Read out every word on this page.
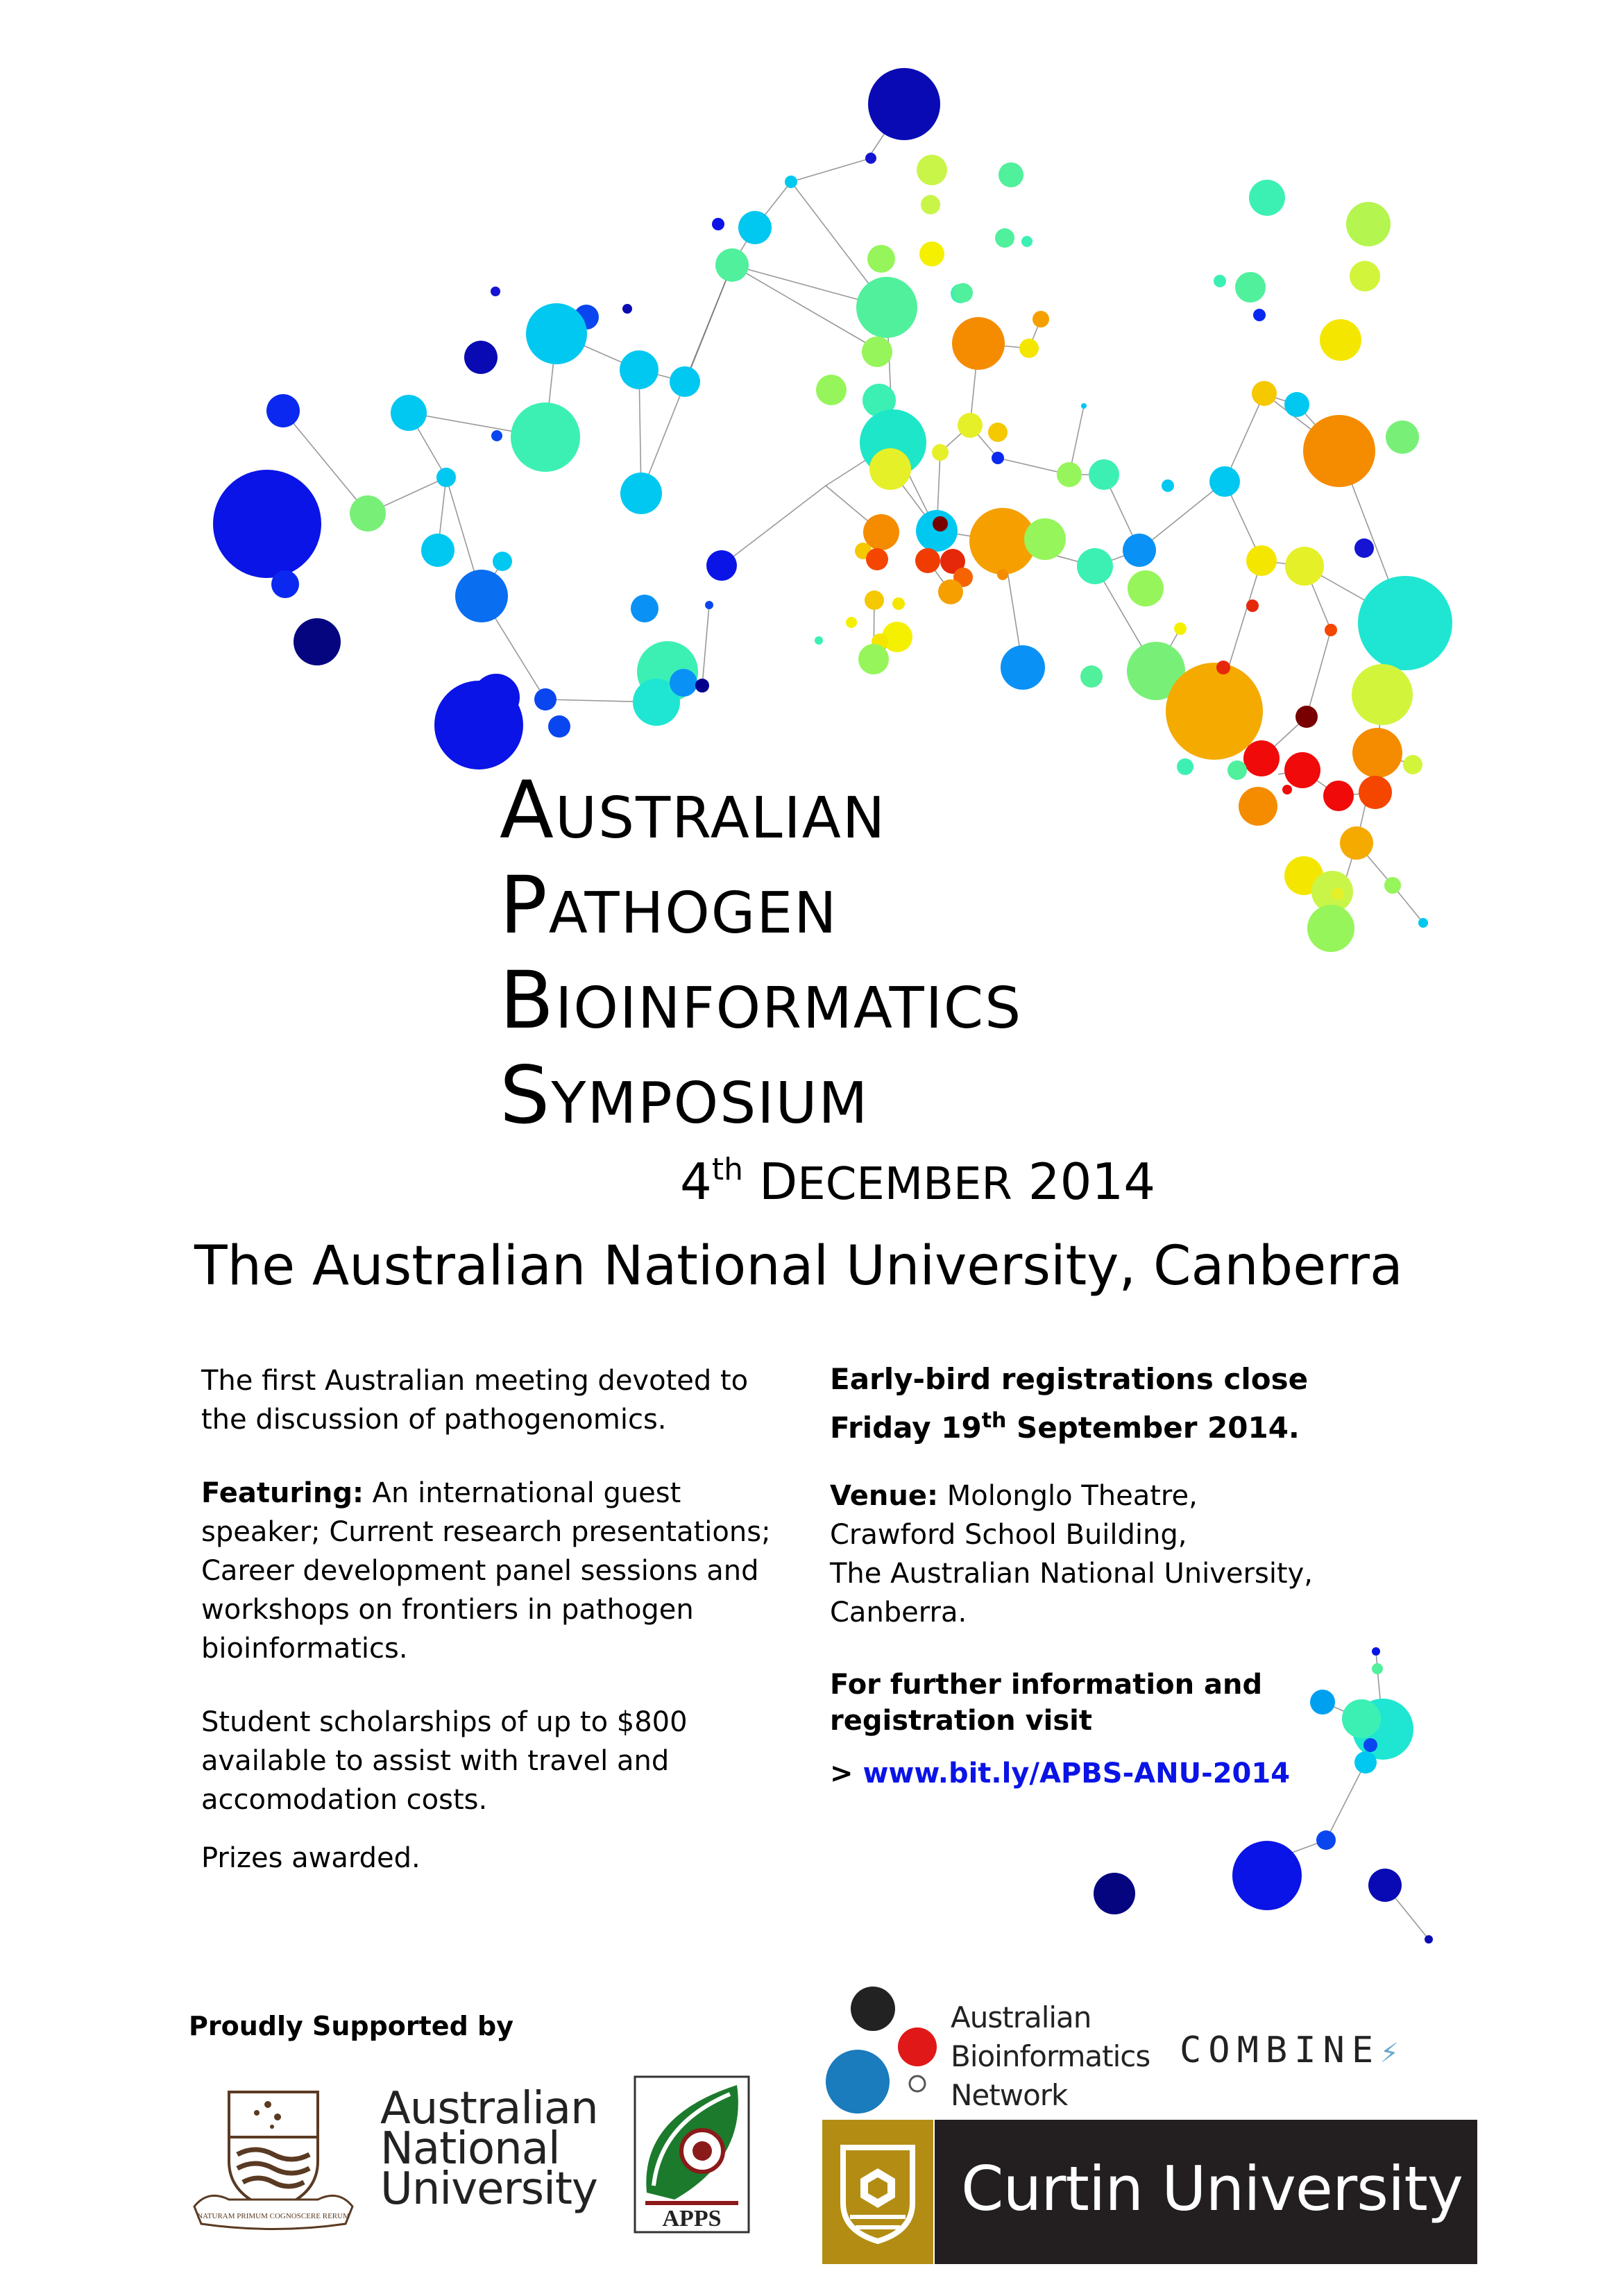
AUSTRALIAN
PATHOGEN
BIOINFORMATICS
SYMPOSIUM
4th DECEMBER 2014
The Australian National University, Canberra

The first Australian meeting devoted to the discussion of pathogenomics.

Featuring: An international guest speaker; Current research presentations; Career development panel sessions and workshops on frontiers in pathogen bioinformatics.

Student scholarships of up to $800 available to assist with travel and accomodation costs.

Prizes awarded.

Early-bird registrations close
Friday 19th September 2014.

Venue: Molonglo Theatre,
Crawford School Building,
The Australian National University,
Canberra.

For further information and
registration visit

> www.bit.ly/APBS-ANU-2014

Proudly Supported by
NATURAM PRIMUM COGNOSCERE RERUM
Australian
National
University
APPS
Australian
Bioinformatics
Network
COMBINE⚡
Curtin University
